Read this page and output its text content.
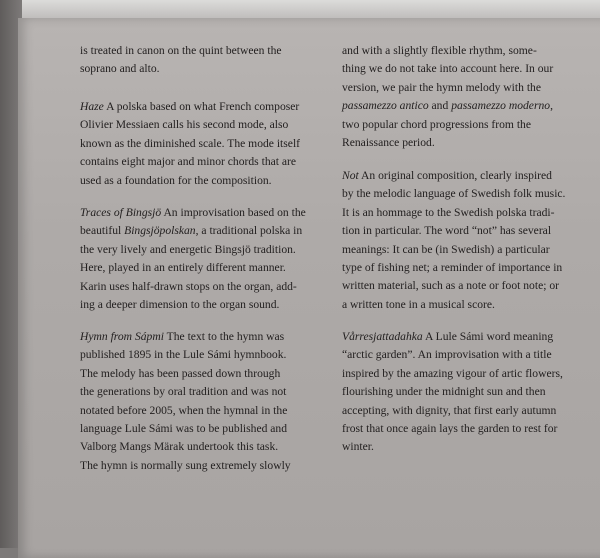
is treated in canon on the quint between the
soprano and alto.

Haze A polska based on what French composer
Olivier Messiaen calls his second mode, also
known as the diminished scale. The mode itself
contains eight major and minor chords that are
used as a foundation for the composition.

Traces of Bingsjö An improvisation based on the
beautiful Bingsjöpolskan, a traditional polska in
the very lively and energetic Bingsjö tradition.
Here, played in an entirely different manner.
Karin uses half-drawn stops on the organ, add-
ing a deeper dimension to the organ sound.

Hymn from Sápmi The text to the hymn was
published 1895 in the Lule Sámi hymnbook.
The melody has been passed down through
the generations by oral tradition and was not
notated before 2005, when the hymnal in the
language Lule Sámi was to be published and
Valborg Mangs Märak undertook this task.
The hymn is normally sung extremely slowly

and with a slightly flexible rhythm, some-
thing we do not take into account here. In our
version, we pair the hymn melody with the
passamezzo antico and passamezzo moderno,
two popular chord progressions from the
Renaissance period.

Not An original composition, clearly inspired
by the melodic language of Swedish folk music.
It is an hommage to the Swedish polska tradi-
tion in particular. The word “not” has several
meanings: It can be (in Swedish) a particular
type of fishing net; a reminder of importance in
written material, such as a note or foot note; or
a written tone in a musical score.

Vårresjattadahka A Lule Sámi word meaning
“arctic garden”. An improvisation with a title
inspired by the amazing vigour of artic flowers,
flourishing under the midnight sun and then
accepting, with dignity, that first early autumn
frost that once again lays the garden to rest for
winter.
